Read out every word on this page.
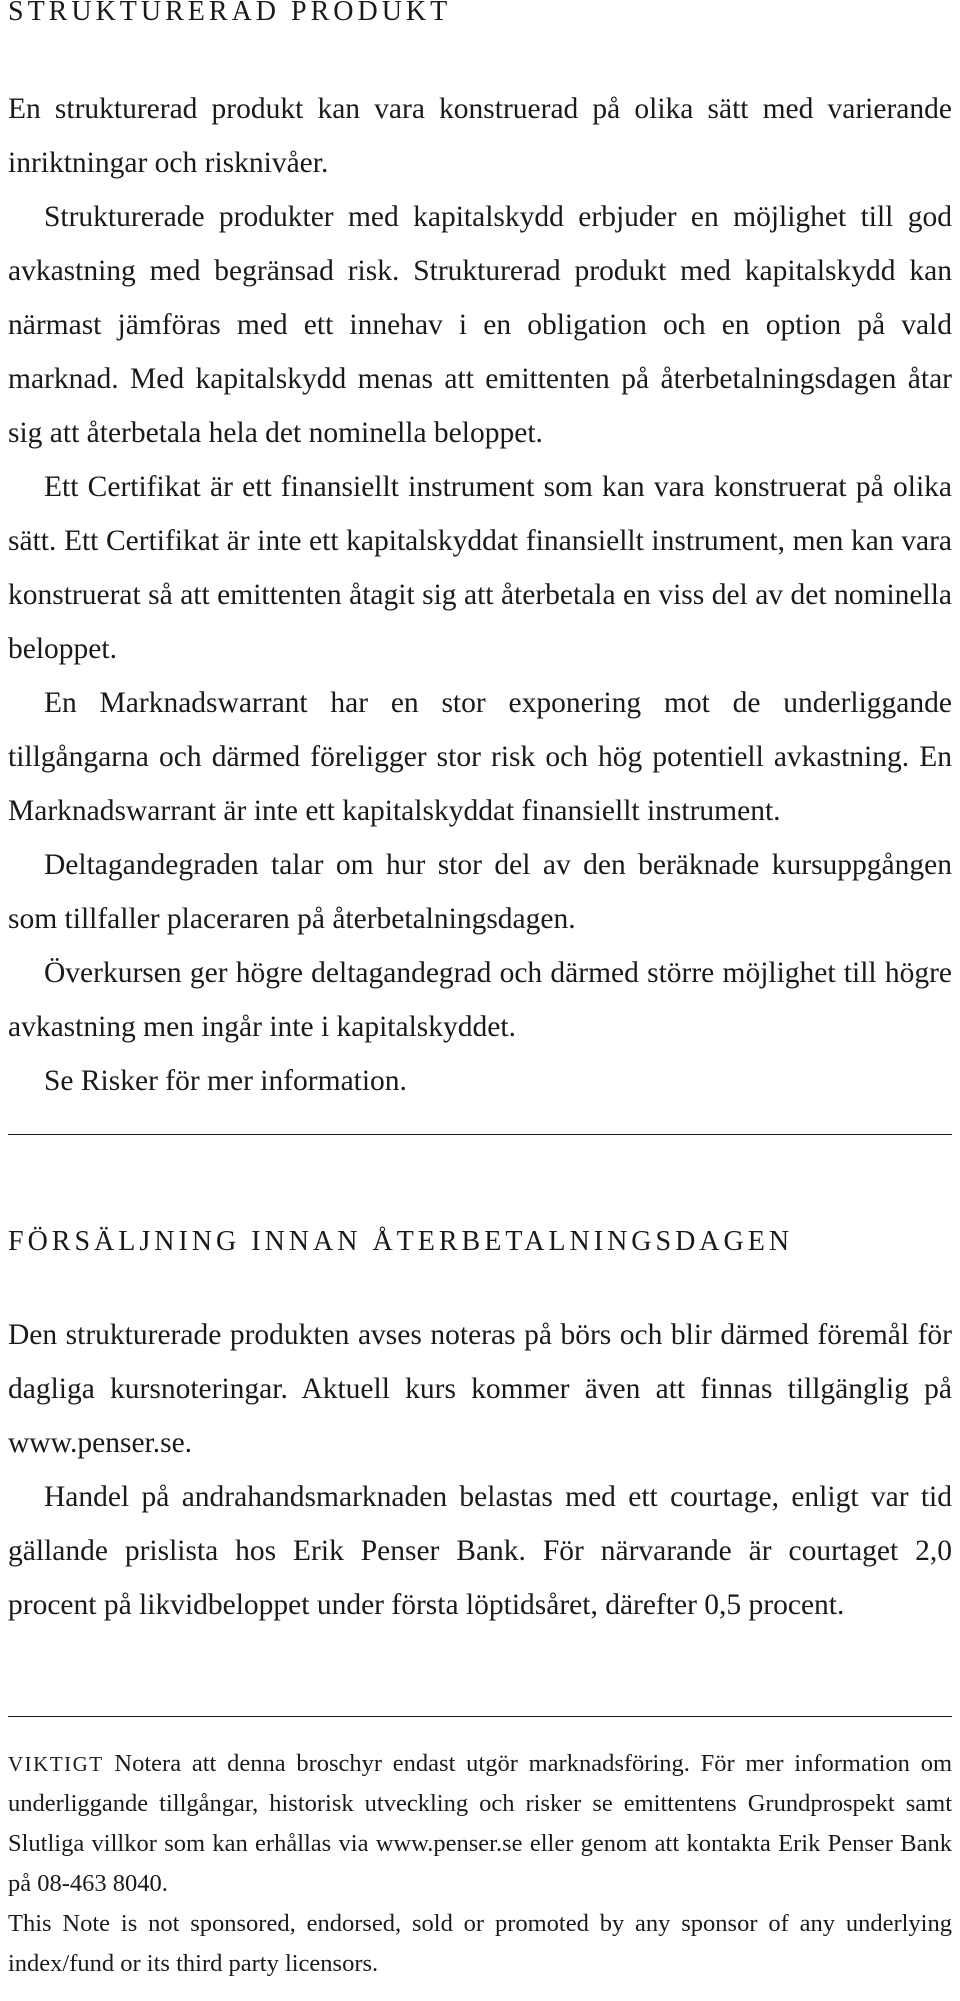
STRUKTURERAD PRODUKT

En strukturerad produkt kan vara konstruerad på olika sätt med varierande inriktningar och risknivåer.

Strukturerade produkter med kapitalskydd erbjuder en möjlighet till god avkastning med begränsad risk. Strukturerad produkt med kapitalskydd kan närmast jämföras med ett innehav i en obligation och en option på vald marknad. Med kapitalskydd menas att emittenten på återbetalningsdagen åtar sig att återbetala hela det nominella beloppet.

Ett Certifikat är ett finansiellt instrument som kan vara konstruerat på olika sätt. Ett Certifikat är inte ett kapitalskyddat finansiellt instrument, men kan vara konstruerat så att emittenten åtagit sig att återbetala en viss del av det nominella beloppet.

En Marknadswarrant har en stor exponering mot de underliggande tillgångarna och därmed föreligger stor risk och hög potentiell avkastning. En Marknadswarrant är inte ett kapitalskyddat finansiellt instrument.

Deltagandegraden talar om hur stor del av den beräknade kursuppgången som tillfaller placeraren på återbetalningsdagen.

Överkursen ger högre deltagandegrad och därmed större möjlighet till högre avkastning men ingår inte i kapitalskyddet.

Se Risker för mer information.

FÖRSÄLJNING INNAN ÅTERBETALNINGSDAGEN

Den strukturerade produkten avses noteras på börs och blir därmed föremål för dagliga kursnoteringar. Aktuell kurs kommer även att finnas tillgänglig på www.penser.se.

Handel på andrahandsmarknaden belastas med ett courtage, enligt var tid gällande prislista hos Erik Penser Bank. För närvarande är courtaget 2,0 procent på likvidbeloppet under första löptidsåret, därefter 0,5 procent.

VIKTIGT Notera att denna broschyr endast utgör marknadsföring. För mer information om underliggande tillgångar, historisk utveckling och risker se emittentens Grundprospekt samt Slutliga villkor som kan erhållas via www.penser.se eller genom att kontakta Erik Penser Bank på 08-463 8040.

This Note is not sponsored, endorsed, sold or promoted by any sponsor of any underlying index/fund or its third party licensors.
